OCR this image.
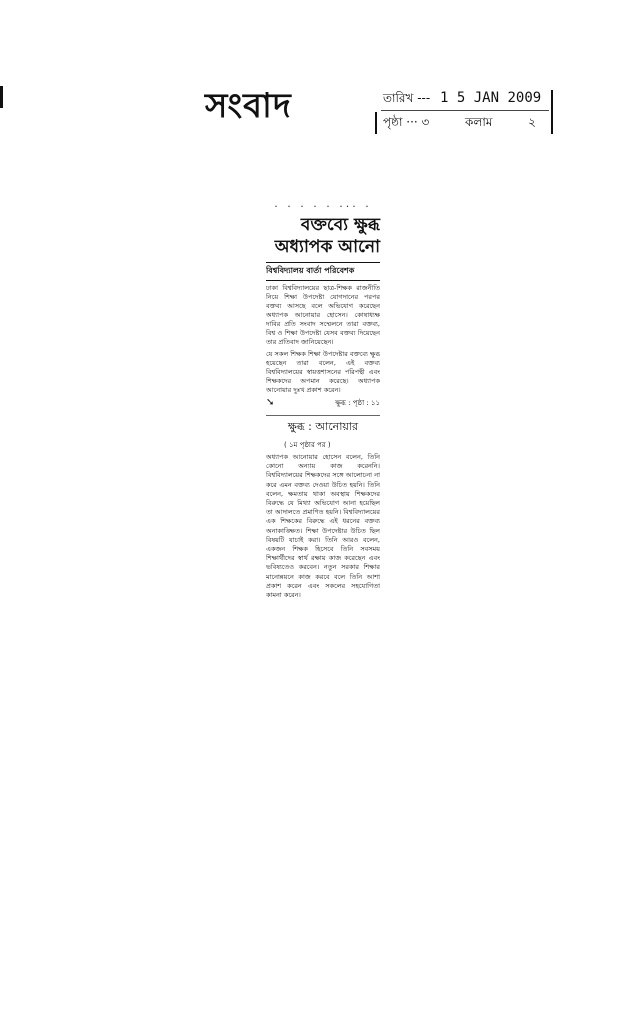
সংবাদ	তারিখ --- 1 5 JAN 2009
পৃষ্ঠা ··· ৩	কলাম	২
· · · · · ··· ·
বক্তব্যে ক্ষুব্ধ
অধ্যাপক আনো
বিশ্ববিদ্যালয় বার্তা পরিবেশক

ঢাকা বিশ্ববিদ্যালয়ের ছাত্র-শিক্ষক রাজনীতি নিয়ে শিক্ষা উপদেষ্টা যোগদানের পরপর বক্তব্য আসছে বলে অভিযোগ করেছেন অধ্যাপক আনোয়ার হোসেন। কোষাধ্যক্ষ দাবির প্রতি সংবাদ সম্মেলনে তারা বক্তব্য, বিশ্ব ও শিক্ষা উপদেষ্টা যেসব বক্তব্য দিয়েছেন তার প্রতিবাদ জানিয়েছেন।

যে সকল শিক্ষক শিক্ষা উপদেষ্টার বক্তব্যে ক্ষুব্ধ হয়েছেন তারা বলেন, এই বক্তব্য বিশ্ববিদ্যালয়ের স্বায়ত্তশাসনের পরিপন্থী এবং শিক্ষকদের অপমান করেছে। অধ্যাপক আনোয়ার দুঃখ প্রকাশ করেন।

➘	ক্ষুব্ধ : পৃষ্ঠা : ১১
ক্ষুব্ধ : আনোয়ার
( ১ম পৃষ্ঠার পর )
অধ্যাপক আনোয়ার হোসেন বলেন, তিনি কোনো অন্যায় কাজ করেননি। বিশ্ববিদ্যালয়ের শিক্ষকদের সঙ্গে আলোচনা না করে এমন বক্তব্য দেওয়া উচিত হয়নি। তিনি বলেন, ক্ষমতায় থাকা অবস্থায় শিক্ষকদের বিরুদ্ধে যে মিথ্যা অভিযোগ আনা হয়েছিল তা আদালতে প্রমাণিত হয়নি। বিশ্ববিদ্যালয়ের এক শিক্ষকের বিরুদ্ধে এই ধরনের বক্তব্য অনাকাঙ্ক্ষিত। শিক্ষা উপদেষ্টার উচিত ছিল বিষয়টি যাচাই করা। তিনি আরও বলেন, একজন শিক্ষক হিসেবে তিনি সবসময় শিক্ষার্থীদের স্বার্থ রক্ষায় কাজ করেছেন এবং ভবিষ্যতেও করবেন। নতুন সরকার শিক্ষার মানোন্নয়নে কাজ করবে বলে তিনি আশা প্রকাশ করেন এবং সকলের সহযোগিতা কামনা করেন।
